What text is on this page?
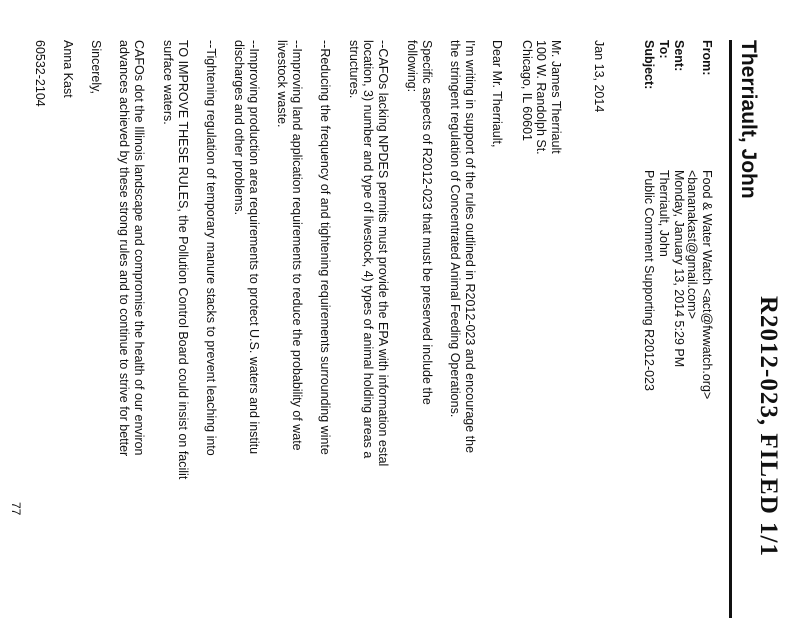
R2012-023, FILED 1/1
Therriault, John
From:
Food & Water Watch <act@fwwatch.org>
<bananakast@gmail.com>
Sent:
Monday, January 13, 2014 5:29 PM
To:
Therriault, John
Subject:
Public Comment Supporting R2012-023
Jan 13, 2014
Mr. James Therriault
100 W. Randolph St.
Chicago, IL 60601
Dear Mr. Therriault,
I'm writing in support of the rules outlined in R2012-023 and encourage the
the stringent regulation of Concentrated Animal Feeding Operations.
Specific aspects of R2012-023 that must be preserved include the
following:
--CAFOs lacking NPDES permits must provide the EPA with information estal
location, 3) number and type of livestock, 4) types of animal holding areas a
structures.
--Reducing the frequency of and tightening requirements surrounding winte
--Improving land application requirements to reduce the probability of wate
livestock waste.
--Improving production area requirements to protect U.S. waters and institu
discharges and other problems.
--Tightening regulation of temporary manure stacks to prevent leaching into
TO IMPROVE THESE RULES, the Pollution Control Board could insist on facilit
surface waters.
CAFOs dot the Illinois landscape and compromise the health of our environ
advances achieved by these strong rules and to continue to strive for better
Sincerely,
Anna Kast
60532-2104
77
